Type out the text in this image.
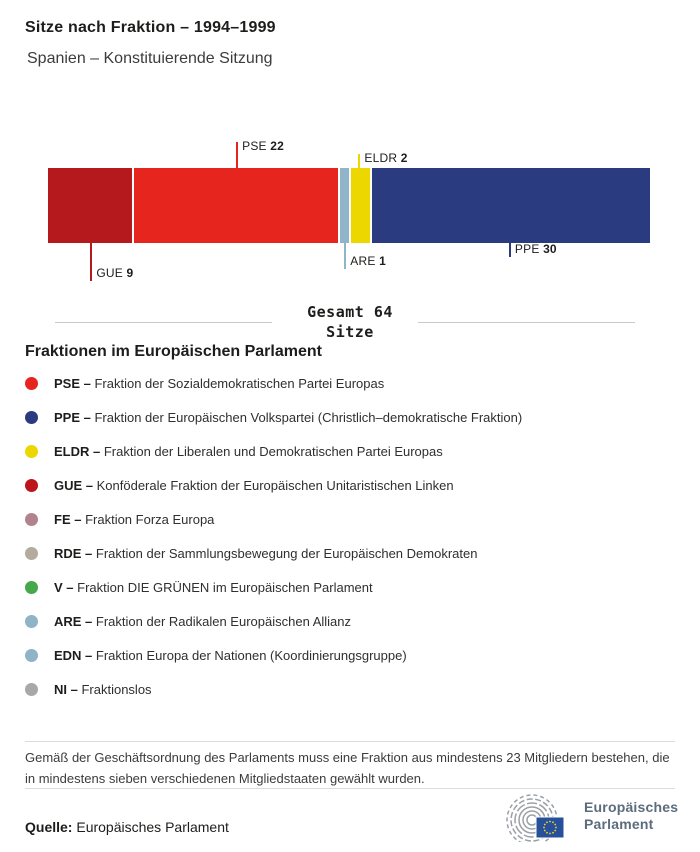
Sitze nach Fraktion – 1994–1999
Spanien – Konstituierende Sitzung
GUE 9
PSE 22
ARE 1
ELDR 2
PPE 30
Gesamt 64
Sitze
Fraktionen im Europäischen Parlament
PSE – Fraktion der Sozialdemokratischen Partei Europas
PPE – Fraktion der Europäischen Volkspartei (Christlich–demokratische Fraktion)
ELDR – Fraktion der Liberalen und Demokratischen Partei Europas
GUE – Konföderale Fraktion der Europäischen Unitaristischen Linken
FE – Fraktion Forza Europa
RDE – Fraktion der Sammlungsbewegung der Europäischen Demokraten
V – Fraktion DIE GRÜNEN im Europäischen Parlament
ARE – Fraktion der Radikalen Europäischen Allianz
EDN – Fraktion Europa der Nationen (Koordinierungsgruppe)
NI – Fraktionslos
Gemäß der Geschäftsordnung des Parlaments muss eine Fraktion aus mindestens 23 Mitgliedern bestehen, die in mindestens sieben verschiedenen Mitgliedstaaten gewählt wurden.
Quelle: Europäisches Parlament
Europäisches
Parlament
